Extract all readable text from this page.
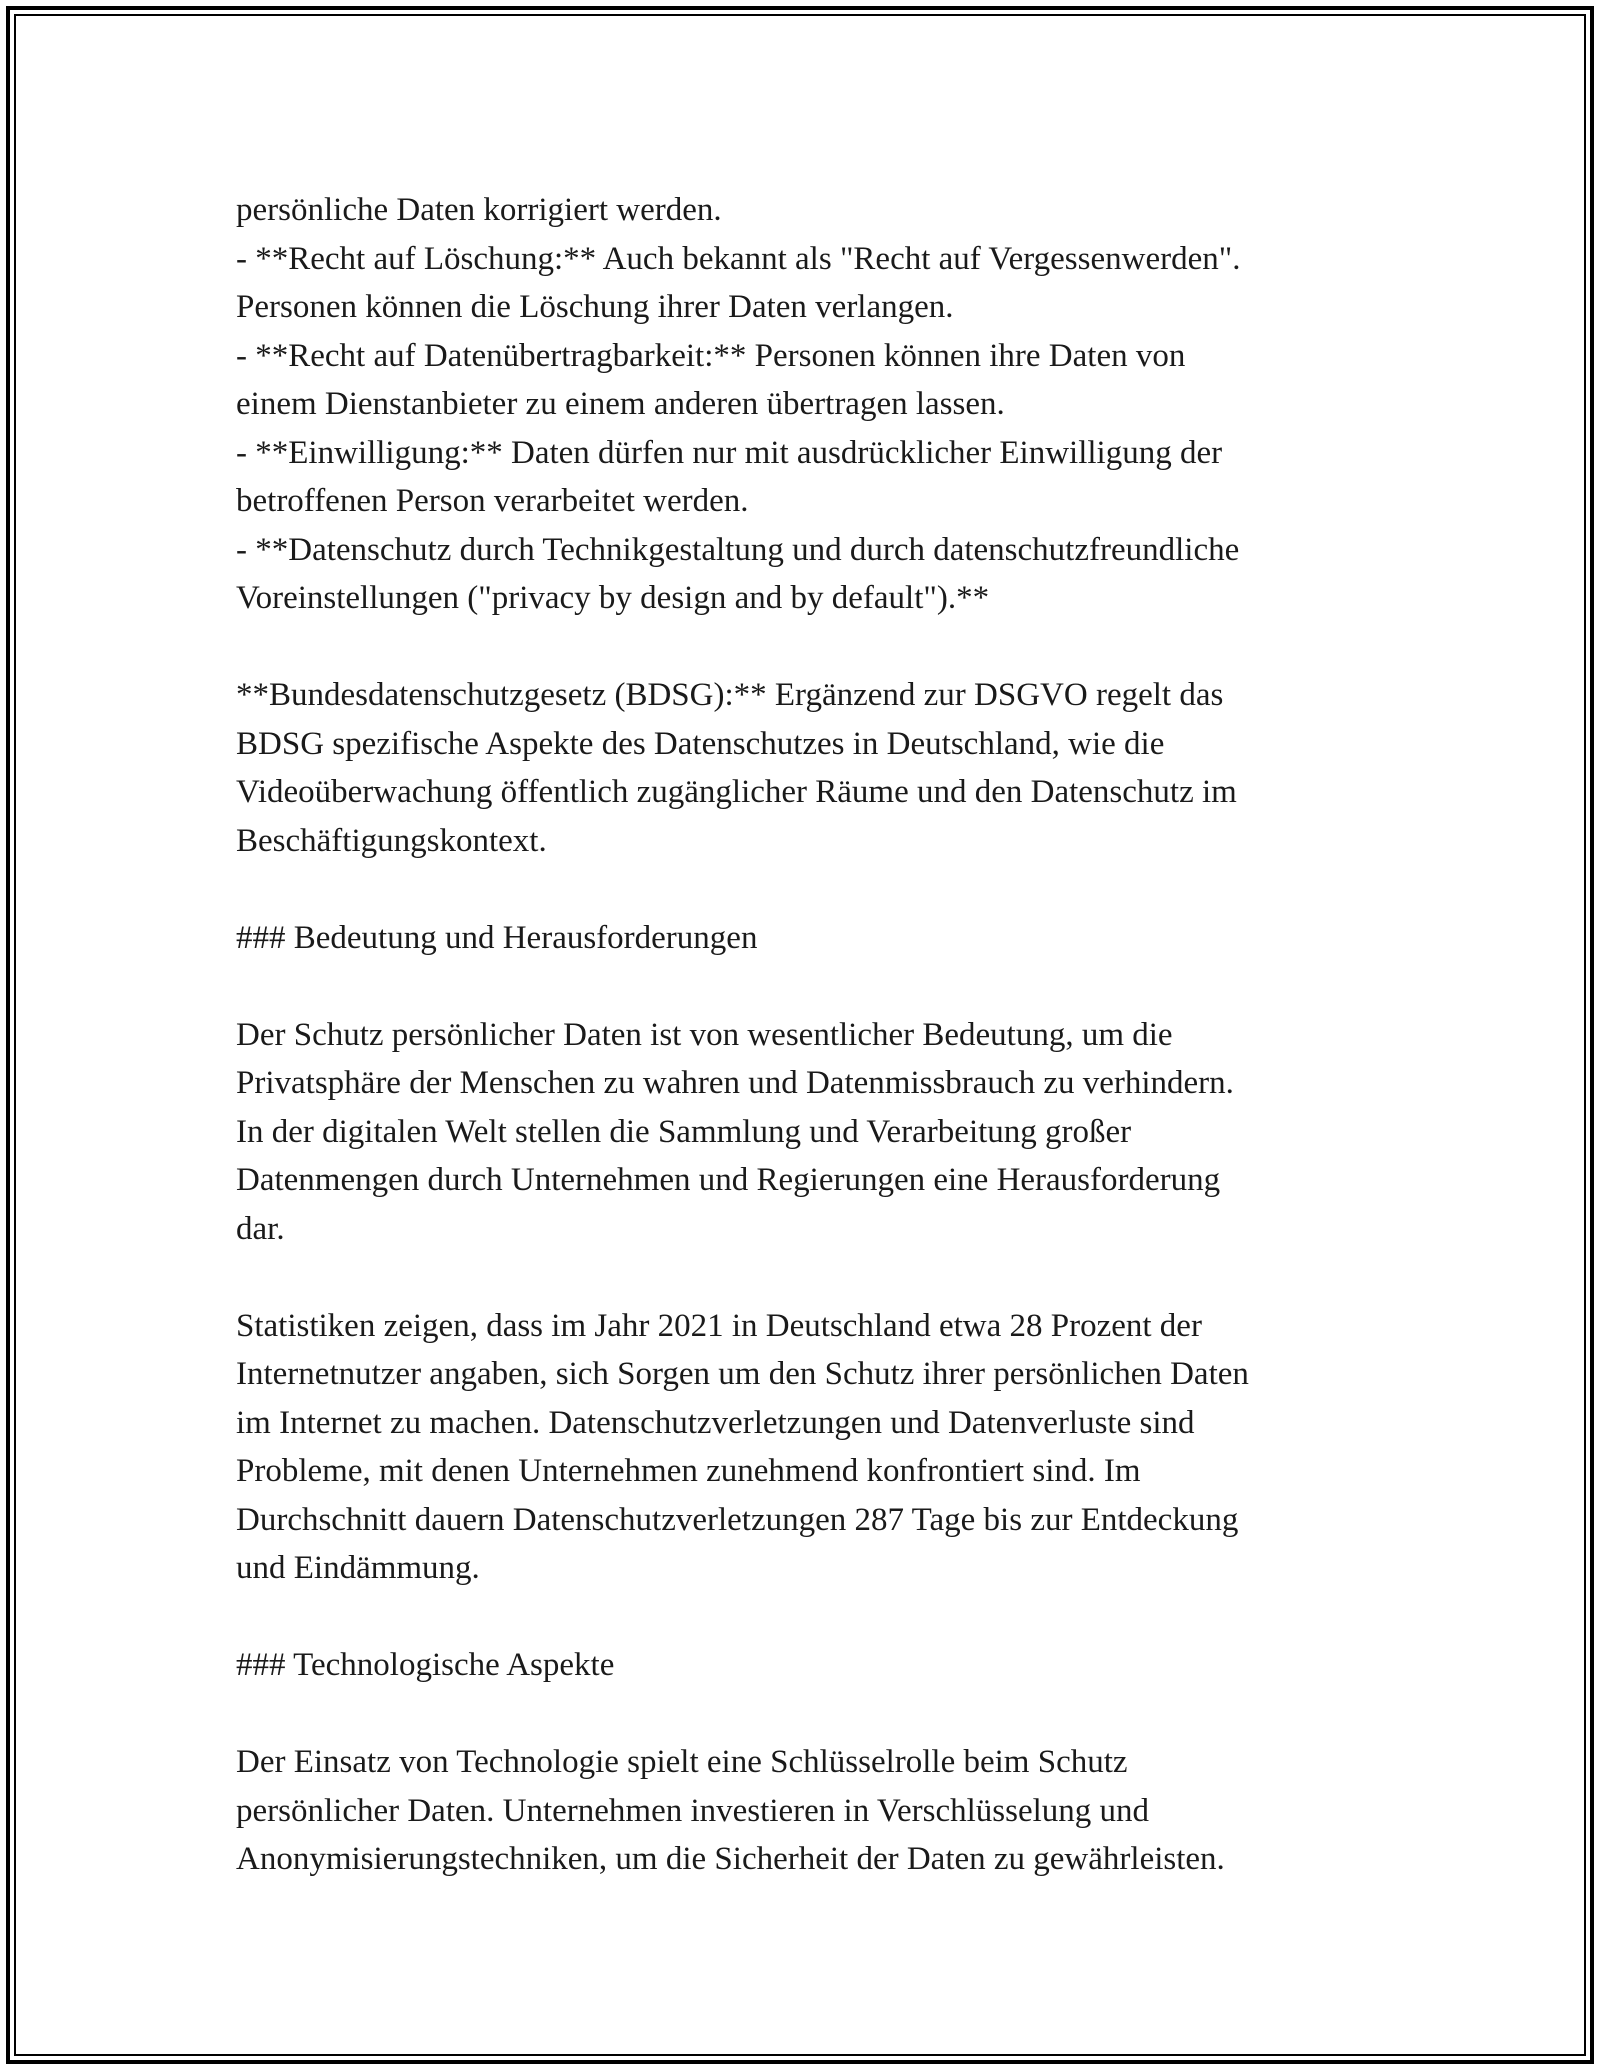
persönliche Daten korrigiert werden.

- **Recht auf Löschung:** Auch bekannt als "Recht auf Vergessenwerden".

Personen können die Löschung ihrer Daten verlangen.

- **Recht auf Datenübertragbarkeit:** Personen können ihre Daten von

einem Dienstanbieter zu einem anderen übertragen lassen.

- **Einwilligung:** Daten dürfen nur mit ausdrücklicher Einwilligung der

betroffenen Person verarbeitet werden.

- **Datenschutz durch Technikgestaltung und durch datenschutzfreundliche

Voreinstellungen ("privacy by design and by default").**

**Bundesdatenschutzgesetz (BDSG):** Ergänzend zur DSGVO regelt das

BDSG spezifische Aspekte des Datenschutzes in Deutschland, wie die

Videoüberwachung öffentlich zugänglicher Räume und den Datenschutz im

Beschäftigungskontext.

### Bedeutung und Herausforderungen

Der Schutz persönlicher Daten ist von wesentlicher Bedeutung, um die

Privatsphäre der Menschen zu wahren und Datenmissbrauch zu verhindern.

In der digitalen Welt stellen die Sammlung und Verarbeitung großer

Datenmengen durch Unternehmen und Regierungen eine Herausforderung

dar.

Statistiken zeigen, dass im Jahr 2021 in Deutschland etwa 28 Prozent der

Internetnutzer angaben, sich Sorgen um den Schutz ihrer persönlichen Daten

im Internet zu machen. Datenschutzverletzungen und Datenverluste sind

Probleme, mit denen Unternehmen zunehmend konfrontiert sind. Im

Durchschnitt dauern Datenschutzverletzungen 287 Tage bis zur Entdeckung

und Eindämmung.

### Technologische Aspekte

Der Einsatz von Technologie spielt eine Schlüsselrolle beim Schutz

persönlicher Daten. Unternehmen investieren in Verschlüsselung und

Anonymisierungstechniken, um die Sicherheit der Daten zu gewährleisten.
